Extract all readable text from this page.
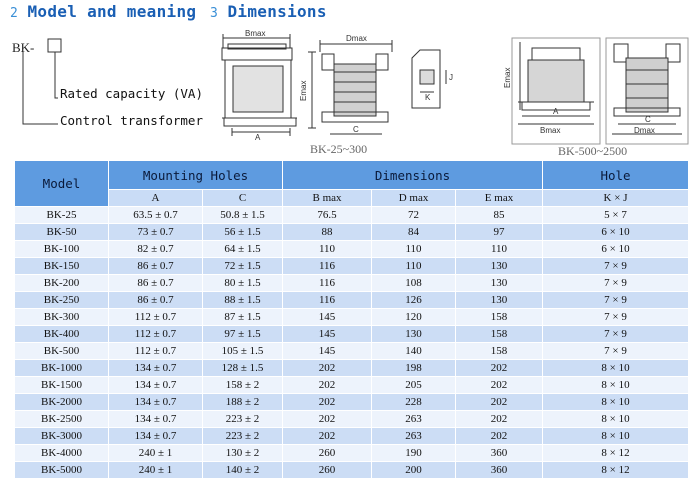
2 Model and meaning 3 Dimensions
Bmax
A
Dmax
Emax
C
K
J	Emax
A
Bmax
C
Dmax
BK-
Rated capacity (VA)
Control transformer
BK-25~300	BK-500~2500
Model	Mounting Holes		Dimensions			Hole
	A	C	B max	D max	E max	K × J
BK-25	63.5 ± 0.7	50.8 ± 1.5	76.5	72	85	5 × 7
BK-50	73 ± 0.7	56 ± 1.5	88	84	97	6 × 10
BK-100	82 ± 0.7	64 ± 1.5	110	110	110	6 × 10
BK-150	86 ± 0.7	72 ± 1.5	116	110	130	7 × 9
BK-200	86 ± 0.7	80 ± 1.5	116	108	130	7 × 9
BK-250	86 ± 0.7	88 ± 1.5	116	126	130	7 × 9
BK-300	112 ± 0.7	87 ± 1.5	145	120	158	7 × 9
BK-400	112 ± 0.7	97 ± 1.5	145	130	158	7 × 9
BK-500	112 ± 0.7	105 ± 1.5	145	140	158	7 × 9
BK-1000	134 ± 0.7	128 ± 1.5	202	198	202	8 × 10
BK-1500	134 ± 0.7	158 ± 2	202	205	202	8 × 10
BK-2000	134 ± 0.7	188 ± 2	202	228	202	8 × 10
BK-2500	134 ± 0.7	223 ± 2	202	263	202	8 × 10
BK-3000	134 ± 0.7	223 ± 2	202	263	202	8 × 10
BK-4000	240 ± 1	130 ± 2	260	190	360	8 × 12
BK-5000	240 ± 1	140 ± 2	260	200	360	8 × 12
